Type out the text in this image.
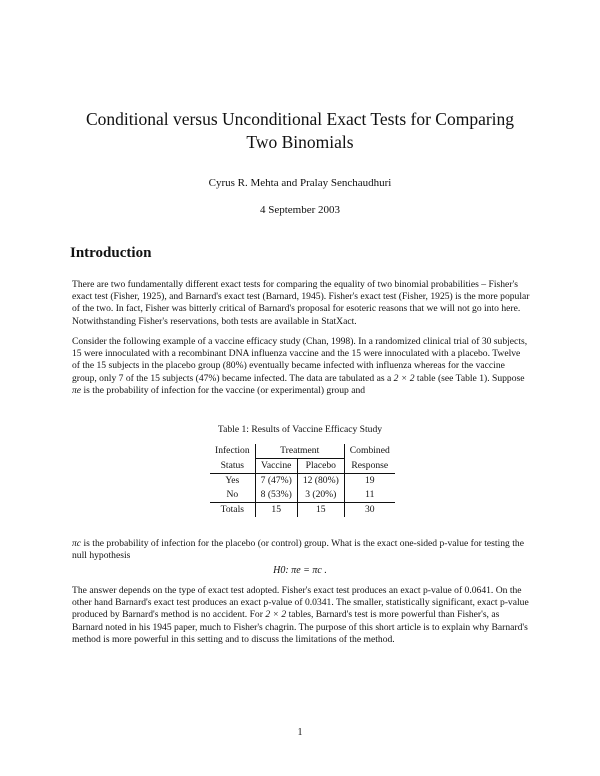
Conditional versus Unconditional Exact Tests for Comparing Two Binomials
Cyrus R. Mehta and Pralay Senchaudhuri
4 September 2003
Introduction

There are two fundamentally different exact tests for comparing the equality of two binomial probabilities – Fisher's exact test (Fisher, 1925), and Barnard's exact test (Barnard, 1945). Fisher's exact test (Fisher, 1925) is the more popular of the two. In fact, Fisher was bitterly critical of Barnard's proposal for esoteric reasons that we will not go into here. Notwithstanding Fisher's reservations, both tests are available in StatXact.

Consider the following example of a vaccine efficacy study (Chan, 1998). In a randomized clinical trial of 30 subjects, 15 were innoculated with a recombinant DNA influenza vaccine and the 15 were innoculated with a placebo. Twelve of the 15 subjects in the placebo group (80%) eventually became infected with influenza whereas for the vaccine group, only 7 of the 15 subjects (47%) became infected. The data are tabulated as a 2 × 2 table (see Table 1). Suppose πe is the probability of infection for the vaccine (or experimental) group and

Table 1: Results of Vaccine Efficacy Study
Infection	Treatment		Combined
Status	Vaccine	Placebo	Response
Yes	7 (47%)	12 (80%)	19
No	8 (53%)	3 (20%)	11
Totals	15	15	30

πc is the probability of infection for the placebo (or control) group. What is the exact one-sided p-value for testing the null hypothesis

H0: πe = πc .

The answer depends on the type of exact test adopted. Fisher's exact test produces an exact p-value of 0.0641. On the other hand Barnard's exact test produces an exact p-value of 0.0341. The smaller, statistically significant, exact p-value produced by Barnard's method is no accident. For 2 × 2 tables, Barnard's test is more powerful than Fisher's, as Barnard noted in his 1945 paper, much to Fisher's chagrin. The purpose of this short article is to explain why Barnard's method is more powerful in this setting and to discuss the limitations of the method.

1
